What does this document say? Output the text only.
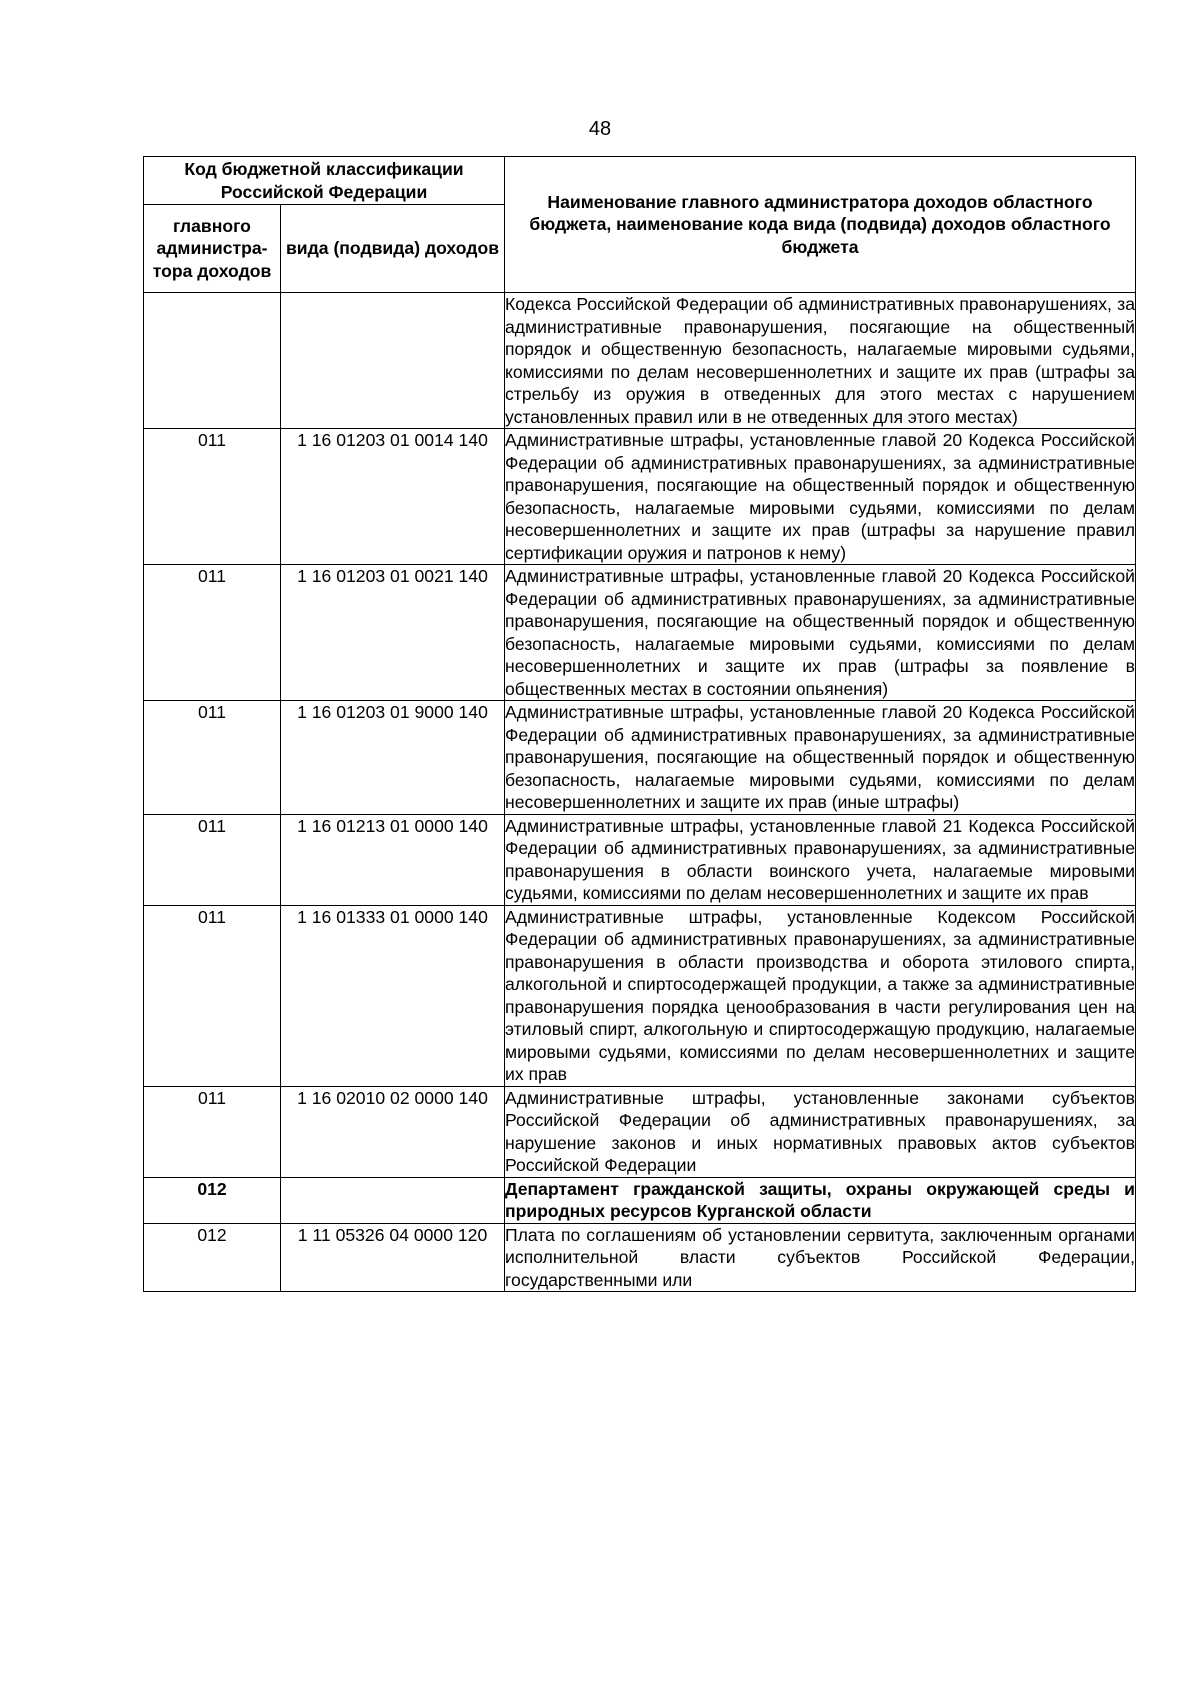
48
Код бюджетной классификации Российской Федерации		Наименование главного администратора доходов областного бюджета, наименование кода вида (подвида) доходов областного бюджета
главного администра-тора доходов	вида (подвида) доходов	
		Кодекса Российской Федерации об административных правонарушениях, за административные правонарушения, посягающие на общественный порядок и общественную безопасность, налагаемые мировыми судьями, комиссиями по делам несовершеннолетних и защите их прав (штрафы за стрельбу из оружия в отведенных для этого местах с нарушением установленных правил или в не отведенных для этого местах)
011	1 16 01203 01 0014 140	Административные штрафы, установленные главой 20 Кодекса Российской Федерации об административных правонарушениях, за административные правонарушения, посягающие на общественный порядок и общественную безопасность, налагаемые мировыми судьями, комиссиями по делам несовершеннолетних и защите их прав (штрафы за нарушение правил сертификации оружия и патронов к нему)
011	1 16 01203 01 0021 140	Административные штрафы, установленные главой 20 Кодекса Российской Федерации об административных правонарушениях, за административные правонарушения, посягающие на общественный порядок и общественную безопасность, налагаемые мировыми судьями, комиссиями по делам несовершеннолетних и защите их прав (штрафы за появление в общественных местах в состоянии опьянения)
011	1 16 01203 01 9000 140	Административные штрафы, установленные главой 20 Кодекса Российской Федерации об административных правонарушениях, за административные правонарушения, посягающие на общественный порядок и общественную безопасность, налагаемые мировыми судьями, комиссиями по делам несовершеннолетних и защите их прав (иные штрафы)
011	1 16 01213 01 0000 140	Административные штрафы, установленные главой 21 Кодекса Российской Федерации об административных правонарушениях, за административные правонарушения в области воинского учета, налагаемые мировыми судьями, комиссиями по делам несовершеннолетних и защите их прав
011	1 16 01333 01 0000 140	Административные штрафы, установленные Кодексом Российской Федерации об административных правонарушениях, за административные правонарушения в области производства и оборота этилового спирта, алкогольной и спиртосодержащей продукции, а также за административные правонарушения порядка ценообразования в части регулирования цен на этиловый спирт, алкогольную и спиртосодержащую продукцию, налагаемые мировыми судьями, комиссиями по делам несовершеннолетних и защите их прав
011	1 16 02010 02 0000 140	Административные штрафы, установленные законами субъектов Российской Федерации об административных правонарушениях, за нарушение законов и иных нормативных правовых актов субъектов Российской Федерации
012		Департамент гражданской защиты, охраны окружающей среды и природных ресурсов Курганской области
012	1 11 05326 04 0000 120	Плата по соглашениям об установлении сервитута, заключенным органами исполнительной власти субъектов Российской Федерации, государственными или
